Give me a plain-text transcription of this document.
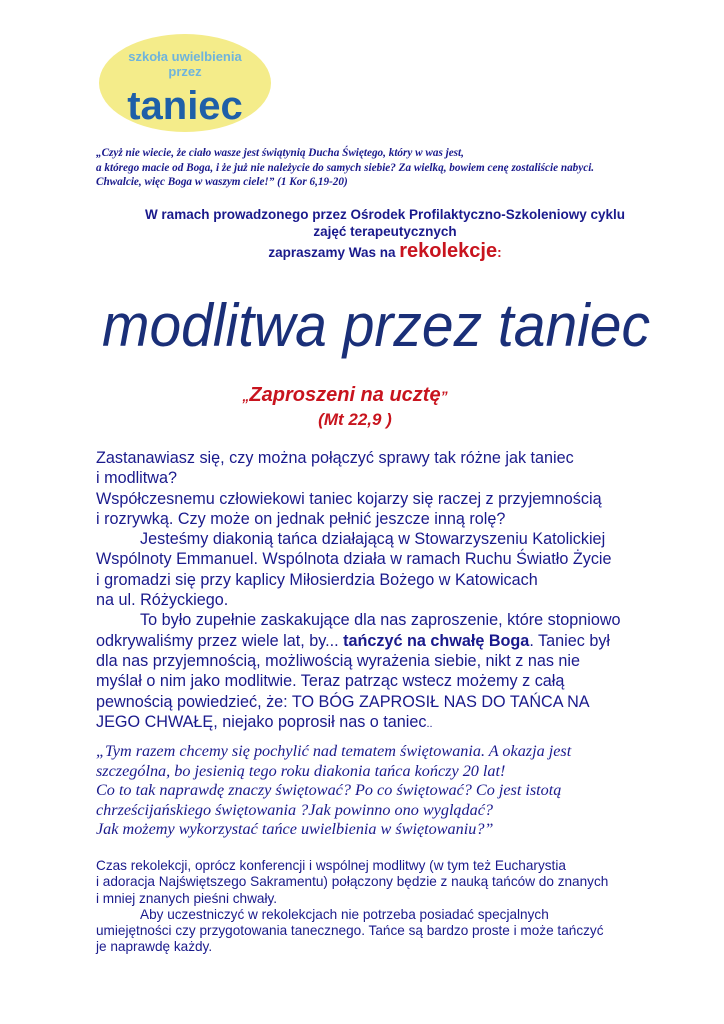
szkoła uwielbienia
przez
taniec
„Czyż nie wiecie, że ciało wasze jest świątynią Ducha Świętego, który w was jest,
a którego macie od Boga, i że już nie należycie do samych siebie? Za wielką, bowiem cenę zostaliście nabyci.
Chwalcie, więc Boga w waszym ciele!” (1 Kor 6,19-20)
W ramach prowadzonego przez Ośrodek Profilaktyczno-Szkoleniowy cyklu
zajęć terapeutycznych
zapraszamy Was na rekolekcje:
modlitwa przez taniec
„Zaproszeni na ucztę”
(Mt 22,9 )

Zastanawiasz się, czy można połączyć sprawy tak różne jak taniec
i modlitwa?

Współczesnemu człowiekowi taniec kojarzy się raczej z przyjemnością
i rozrywką. Czy może on jednak pełnić jeszcze inną rolę?

Jesteśmy diakonią tańca działającą w Stowarzyszeniu Katolickiej
Wspólnoty Emmanuel. Wspólnota działa w ramach Ruchu Światło Życie
i gromadzi się przy kaplicy Miłosierdzia Bożego w Katowicach
na ul. Różyckiego.

To było zupełnie zaskakujące dla nas zaproszenie, które stopniowo
odkrywaliśmy przez wiele lat, by... tańczyć na chwałę Boga. Taniec był
dla nas przyjemnością, możliwością wyrażenia siebie, nikt z nas nie
myślał o nim jako modlitwie. Teraz patrząc wstecz możemy z całą
pewnością powiedzieć, że: TO BÓG ZAPROSIŁ NAS DO TAŃCA NA
JEGO CHWAŁĘ, niejako poprosił nas o taniec..

„Tym razem chcemy się pochylić nad tematem świętowania. A okazja jest

szczególna, bo jesienią tego roku diakonia tańca kończy 20 lat!

Co to tak naprawdę znaczy świętować? Po co świętować? Co jest istotą

chrześcijańskiego świętowania ?Jak powinno ono wyglądać?

Jak możemy wykorzystać tańce uwielbienia w świętowaniu?”

Czas rekolekcji, oprócz konferencji i wspólnej modlitwy (w tym też Eucharystia
i adoracja Najświętszego Sakramentu) połączony będzie z nauką tańców do znanych
i mniej znanych pieśni chwały.

Aby uczestniczyć w rekolekcjach nie potrzeba posiadać specjalnych
umiejętności czy przygotowania tanecznego. Tańce są bardzo proste i może tańczyć
je naprawdę każdy.
